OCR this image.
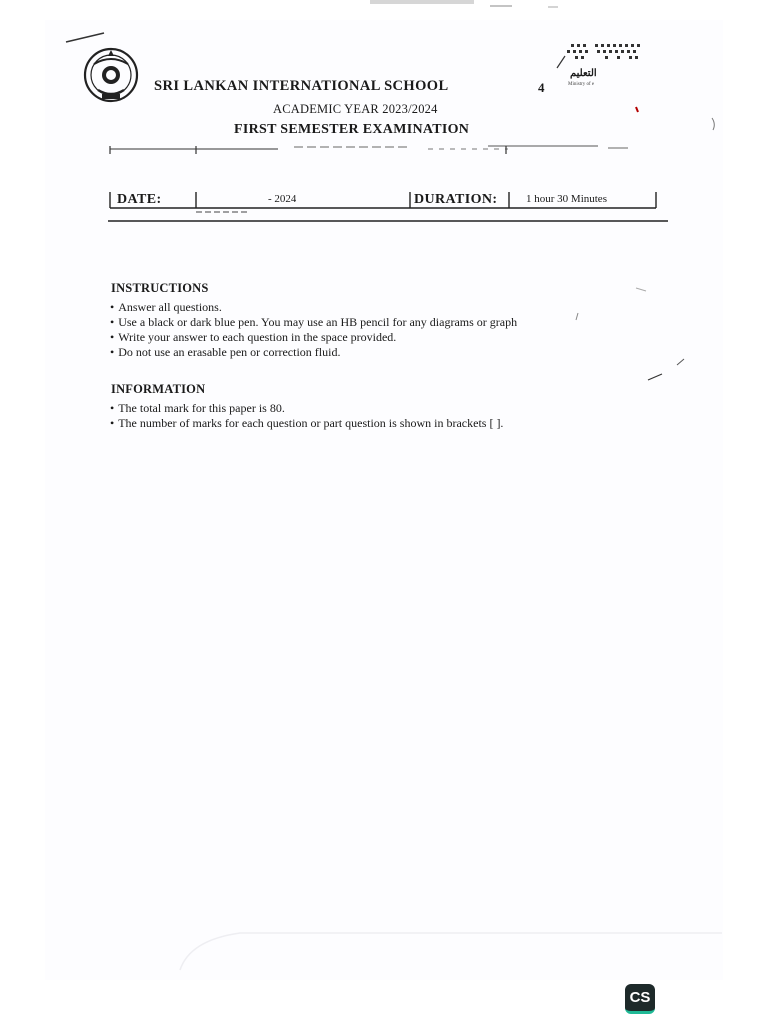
SRI LANKAN INTERNATIONAL SCHOOL
ACADEMIC YEAR 2023/2024
FIRST SEMESTER EXAMINATION
التعليم
Ministry of e
4
DATE:	- 2024	DURATION:	1 hour 30 Minutes
INSTRUCTIONS
• Answer all questions.
• Use a black or dark blue pen. You may use an HB pencil for any diagrams or graph
• Write your answer to each question in the space provided.
• Do not use an erasable pen or correction fluid.
INFORMATION
• The total mark for this paper is 80.
• The number of marks for each question or part question is shown in brackets [ ].
CS
